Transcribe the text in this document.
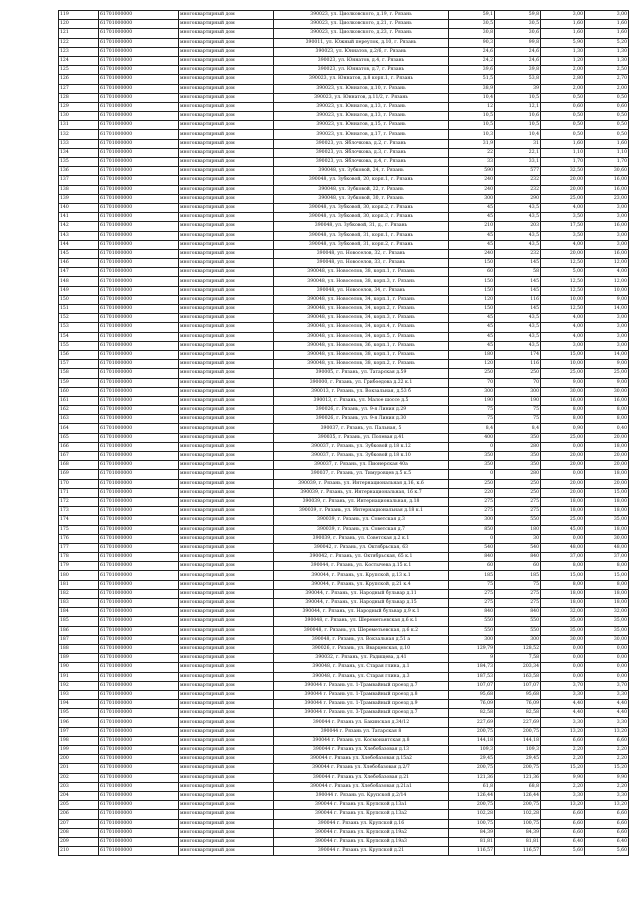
119	61701000000	многоквартирный дом	390023, ул. Циолковского, д.19, г. Рязань	59,1	59,8	3,00	3,00
120	61701000000	многоквартирный дом	390023, ул. Циолковского, д.21, г. Рязань	30,5	30,5	1,60	1,60
121	61701000000	многоквартирный дом	390023, ул. Циолковского, д.23, г. Рязань	30,8	30,6	1,60	1,60
122	61701000000	многоквартирный дом	390011, ул. Южный переулок, д.10, г. Рязань	90,3	99,8	5,90	5,20
123	61701000000	многоквартирный дом	390023, ул. Юннатов, д.2/6, г. Рязань	24,6	24,6	1,30	1,30
124	61701000000	многоквартирный дом	390023, ул. Юннатов, д.4, г. Рязань	24,2	24,6	1,20	1,30
125	61701000000	многоквартирный дом	390023, ул. Юннатов, д.7, г. Рязань	39,6	39,8	2,00	2,50
126	61701000000	многоквартирный дом	390023, ул. Юннатов, д.8 корп.1, г. Рязань	51,5	53,8	2,80	2,70
127	61701000000	многоквартирный дом	390023, ул. Юннатов, д.10, г. Рязань	38,9	39	2,00	2,00
128	61701000000	многоквартирный дом	390023, ул. Юннатов, д.11/2, г. Рязань	10,4	10,5	0,50	0,50
129	61701000000	многоквартирный дом	390023, ул. Юннатов, д.13, г. Рязань	12	12,1	0,60	0,60
130	61701000000	многоквартирный дом	390023, ул. Юннатов, д.13, г. Рязань	10,5	10,6	0,50	0,50
131	61701000000	многоквартирный дом	390023, ул. Юннатов, д.15, г. Рязань	10,5	10,5	0,50	0,50
132	61701000000	многоквартирный дом	390023, ул. Юннатов, д.17, г. Рязань	10,3	10,4	0,50	0,50
133	61701000000	многоквартирный дом	390023, ул. Яблочкова, д.2, г. Рязань	31,9	31	1,60	1,60
134	61701000000	многоквартирный дом	390023, ул. Яблочкова, д.3, г. Рязань	22	22,1	1,10	1,10
135	61701000000	многоквартирный дом	390023, ул. Яблочкова, д.4, г. Рязань	33	33,1	1,70	1,70
136	61701000000	многоквартирный дом	390048, ул. Зубковой, 24, г. Рязань	590	577	32,50	30,60
137	61701000000	многоквартирный дом	390048, ул. Зубковой, 20, корп.1, г. Рязань	240	232	20,00	16,00
138	61701000000	многоквартирный дом	390048, ул. Зубковой, 22, г. Рязань	240	232	20,00	16,00
139	61701000000	многоквартирный дом	390048, ул. Зубковой, 30, г. Рязань	300	290	25,00	23,00
140	61701000000	многоквартирный дом	390048, ул. Зубковой, 30, корп.2, г. Рязань	45	43,5	4,00	3,00
141	61701000000	многоквартирный дом	390048, ул. Зубковой, 30, корп.3, г. Рязань	45	43,5	3,50	3,00
142	61701000000	многоквартирный дом	390048, ул. Зубковой, 31, д., г. Рязань	210	203	17,50	16,00
143	61701000000	многоквартирный дом	390048, ул. Зубковой, 31, корп.1, г. Рязань	45	43,5	3,50	3,00
144	61701000000	многоквартирный дом	390048, ул. Зубковой, 31, корп.2, г. Рязань	45	43,5	4,00	3,00
145	61701000000	многоквартирный дом	390048, ул. Новоселов, 32, г. Рязань	240	232	20,00	16,00
146	61701000000	многоквартирный дом	390048, ул. Новоселов, 33, г. Рязань	150	145	12,50	12,00
147	61701000000	многоквартирный дом	390048, ул. Новоселов, 38, корп.1, г. Рязань	60	58	5,00	4,00
148	61701000000	многоквартирный дом	390048, ул. Новоселов, 38, корп.3, г. Рязань	150	145	12,50	12,00
149	61701000000	многоквартирный дом	390048, ул. Новоселов, 34, г. Рязань	150	145	12,50	10,00
150	61701000000	многоквартирный дом	390048, ул. Новоселов, 34, корп.1, г. Рязань	120	116	10,00	9,00
151	61701000000	многоквартирный дом	390048, ул. Новоселов, 34, корп.2, г. Рязань	150	145	12,50	14,00
152	61701000000	многоквартирный дом	390048, ул. Новоселов, 34, корп.3, г. Рязань	45	43,5	4,00	3,00
153	61701000000	многоквартирный дом	390048, ул. Новоселов, 34, корп.4, г. Рязань	45	43,5	4,00	3,00
154	61701000000	многоквартирный дом	390048, ул. Новоселов, 34, корп.5, г. Рязань	45	43,5	4,00	3,00
155	61701000000	многоквартирный дом	390048, ул. Новоселов, 36, корп.1, г. Рязань	45	43,5	3,00	3,00
156	61701000000	многоквартирный дом	390048, ул. Новоселов, 38, корп.1, г. Рязань	180	174	15,00	14,00
157	61701000000	многоквартирный дом	390048, ул. Новоселов, 38, корп.2, г. Рязань	120	116	10,00	9,00
158	61701000000	многоквартирный дом	390005, г. Рязань, ул. Татарская д.59	250	250	25,00	25,00
159	61701000000	многоквартирный дом	390000, г. Рязань, ул. Грибоедова д.22 к.1	70	70	9,00	9,00
160	61701000000	многоквартирный дом	390013, г. Рязань, ул. Вокзальная, д.53 б	300	300	30,00	30,00
161	61701000000	многоквартирный дом	390013, г. Рязань, ул. Малое шоссе д.5	190	190	16,00	16,00
162	61701000000	многоквартирный дом	390026, г. Рязань, ул. 9-я Линия д.29	75	75	8,00	8,00
163	61701000000	многоквартирный дом	390026, г. Рязань, ул. 9-я Линия д.30	75	75	8,00	8,00
164	61701000000	многоквартирный дом	390037, г. Рязань, ул. Пальная, 5	8,4	8,4	0,90	0,40
165	61701000000	многоквартирный дом	390035, г. Рязань, ул. Полевая д.41	400	350	25,00	20,00
166	61701000000	многоквартирный дом	390037, г. Рязань, ул. Зубковой д.18 к.12	0	280	0,00	18,00
167	61701000000	многоквартирный дом	390037, г. Рязань, ул. Зубковой д.18 к.10	350	350	20,00	20,00
168	61701000000	многоквартирный дом	390037, г. Рязань, ул. Пионерская 40а	350	350	20,00	20,00
169	61701000000	многоквартирный дом	390037, г. Рязань, ул. Тимуровцев д.5 к.5	0	280	0,00	18,00
170	61701000000	многоквартирный дом	390039, г. Рязань, ул. Интернациональная д.16, к.6	250	250	20,00	20,00
171	61701000000	многоквартирный дом	390039, г. Рязань, ул. Интернациональная, 16 к.7	220	250	20,00	15,00
172	61701000000	многоквартирный дом	390039, г. Рязань, ул. Интернациональная, д.18	275	275	18,00	18,00
173	61701000000	многоквартирный дом	390039, г. Рязань, ул. Интернациональная д.18 к.1	275	275	18,00	18,00
174	61701000000	многоквартирный дом	390039, г. Рязань, ул. Советская д.3	300	550	25,00	35,00
175	61701000000	многоквартирный дом	390039, г. Рязань, ул. Советская д.7	850	180	45,00	18,00
176	61701000000	многоквартирный дом	390039, г. Рязань, ул. Советская д.2 к.1	0	30	0,00	30,00
177	61701000000	многоквартирный дом	390042, г. Рязань, ул. Октябрьская, 63	540	540	48,00	48,00
178	61701000000	многоквартирный дом	390042, г. Рязань, ул. Октябрьская, 65 к.1	840	840	37,00	37,00
179	61701000000	многоквартирный дом	390044, г. Рязань, ул. Костычева д.15 к.1	60	60	8,00	8,00
180	61701000000	многоквартирный дом	390044, г. Рязань, ул. Крупской, д.13 к.1	185	185	15,00	15,00
181	61701000000	многоквартирный дом	390044, г. Рязань, ул. Крупской, д.21 к.4	75	75	8,00	8,00
182	61701000000	многоквартирный дом	390044, г. Рязань, ул. Народный бульвар д.11	275	275	18,00	18,00
183	61701000000	многоквартирный дом	390044, г. Рязань, ул. Народный бульвар д.15	275	275	18,00	18,00
184	61701000000	многоквартирный дом	390044, г. Рязань, ул. Народный бульвар д.9 к.1	840	840	32,00	32,00
185	61701000000	многоквартирный дом	390048, г. Рязань, ул. Шереметьевская д.6 к.1	550	550	35,00	35,00
186	61701000000	многоквартирный дом	390048, г. Рязань, ул. Шереметьевская, д.6 к.2	550	550	35,00	35,00
187	61701000000	многоквартирный дом	390048, г. Рязань, ул. Вокзальная д.51 а	300	300	30,00	30,00
188	61701000000	многоквартирный дом	390026, г. Рязань, ул. Вварцевская, д.10	129,79	128,52	0,00	0,00
189	61701000000	многоквартирный дом	390032, г. Рязань, ул. Радищева, д.41	9	7,58	0,00	0,00
190	61701000000	многоквартирный дом	390048, г. Рязань, ул. Старая глина, д.1	184,73	203,34	0,00	0,00
191	61701000000	многоквартирный дом	390048, г. Рязань, ул. Старая глина, д.3	187,53	163,58	0,00	0,00
192	61701000000	многоквартирный дом	390044 г. Рязань ул. 1-Трамвайный проезд д.7	107,07	107,07	3,70	3,70
193	61701000000	многоквартирный дом	390044 г. Рязань ул. 1-Трамвайный проезд д.8	95,68	95,68	3,30	3,30
194	61701000000	многоквартирный дом	390044 г. Рязань ул. 1-Трамвайный проезд д.9	76,09	76,09	4,40	4,40
195	61701000000	многоквартирный дом	390044 г. Рязань ул. 3-Трамвайный проезд д.7	82,58	82,58	4,40	4,40
196	61701000000	многоквартирный дом	390044 г. Рязань ул. Бакинская д.34/12	227,69	227,69	3,30	3,30
197	61701000000	многоквартирный дом	390044 г. Рязань ул. Татарская 8	200,75	200,75	13,20	13,20
198	61701000000	многоквартирный дом	390044 г. Рязань ул. Космонавтская д.8	144,18	144,18	6,60	6,60
199	61701000000	многоквартирный дом	390044 г. Рязань ул. Хлебобазовая д.13	109,3	109,3	2,20	2,20
200	61701000000	многоквартирный дом	390044 г. Рязань ул. Хлебобазовая д.15а2	29,45	29,45	2,20	2,20
201	61701000000	многоквартирный дом	390044 г. Рязань ул. Хлебобазовая д.2/7	200,75	200,75	15,20	15,20
202	61701000000	многоквартирный дом	390044 г. Рязань ул. Хлебобазовая д.21	121,36	121,36	9,90	9,90
203	61701000000	многоквартирный дом	390044 г. Рязань ул. Хлебобазовая д.21а1	61,8	68,8	2,20	2,20
204	61701000000	многоквартирный дом	390044 г. Рязань ул. Крупской д.2/14	126,44	126,44	3,30	3,30
205	61701000000	многоквартирный дом	390044 г. Рязань ул. Крупской д.13а1	200,75	200,75	13,20	13,20
206	61701000000	многоквартирный дом	390044 г. Рязань ул. Крупской д.13а2	102,28	102,28	6,60	6,60
207	61701000000	многоквартирный дом	390044 г. Рязань ул. Крупской д.16	100,75	100,75	6,60	6,60
208	61701000000	многоквартирный дом	390044 г. Рязань ул. Крупской д.19а2	84,39	84,39	6,60	6,60
209	61701000000	многоквартирный дом	390044 г. Рязань ул. Крупской д.19а3	81,81	81,81	6,40	6,40
210	61701000000	многоквартирный дом	390044 г. Рязань ул. Крупской д.21	116,57	116,57	5,60	5,60
